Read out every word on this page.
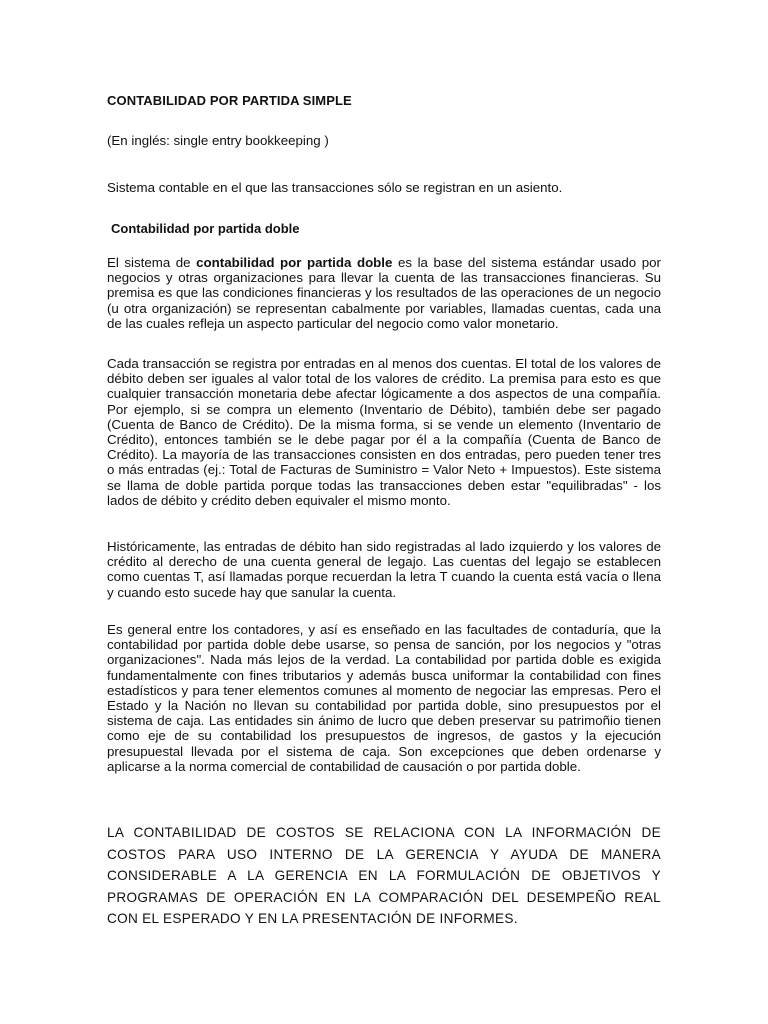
CONTABILIDAD POR PARTIDA SIMPLE
(En inglés: single entry bookkeeping )
Sistema contable en el que las transacciones sólo se registran en un asiento.
Contabilidad por partida doble
El sistema de contabilidad por partida doble es la base del sistema estándar usado por negocios y otras organizaciones para llevar la cuenta de las transacciones financieras. Su premisa es que las condiciones financieras y los resultados de las operaciones de un negocio (u otra organización) se representan cabalmente por variables, llamadas cuentas, cada una de las cuales refleja un aspecto particular del negocio como valor monetario.
Cada transacción se registra por entradas en al menos dos cuentas. El total de los valores de débito deben ser iguales al valor total de los valores de crédito. La premisa para esto es que cualquier transacción monetaria debe afectar lógicamente a dos aspectos de una compañía. Por ejemplo, si se compra un elemento (Inventario de Débito), también debe ser pagado (Cuenta de Banco de Crédito). De la misma forma, si se vende un elemento (Inventario de Crédito), entonces también se le debe pagar por él a la compañía (Cuenta de Banco de Crédito). La mayoría de las transacciones consisten en dos entradas, pero pueden tener tres o más entradas (ej.: Total de Facturas de Suministro = Valor Neto + Impuestos). Este sistema se llama de doble partida porque todas las transacciones deben estar "equilibradas" - los lados de débito y crédito deben equivaler el mismo monto.
Históricamente, las entradas de débito han sido registradas al lado izquierdo y los valores de crédito al derecho de una cuenta general de legajo. Las cuentas del legajo se establecen como cuentas T, así llamadas porque recuerdan la letra T cuando la cuenta está vacía o llena y cuando esto sucede hay que sanular la cuenta.
Es general entre los contadores, y así es enseñado en las facultades de contaduría, que la contabilidad por partida doble debe usarse, so pensa de sanción, por los negocios y "otras organizaciones". Nada más lejos de la verdad. La contabilidad por partida doble es exigida fundamentalmente con fines tributarios y además busca uniformar la contabilidad con fines estadísticos y para tener elementos comunes al momento de negociar las empresas. Pero el Estado y la Nación no llevan su contabilidad por partida doble, sino presupuestos por el sistema de caja. Las entidades sin ánimo de lucro que deben preservar su patrimoñio tienen como eje de su contabilidad los presupuestos de ingresos, de gastos y la ejecución presupuestal llevada por el sistema de caja. Son excepciones que deben ordenarse y aplicarse a la norma comercial de contabilidad de causación o por partida doble.
LA CONTABILIDAD DE COSTOS SE RELACIONA CON LA INFORMACIÓN DE COSTOS PARA USO INTERNO DE LA GERENCIA Y AYUDA DE MANERA CONSIDERABLE A LA GERENCIA EN LA FORMULACIÓN DE OBJETIVOS Y PROGRAMAS DE OPERACIÓN EN LA COMPARACIÓN DEL DESEMPEÑO REAL CON EL ESPERADO Y EN LA PRESENTACIÓN DE INFORMES.
